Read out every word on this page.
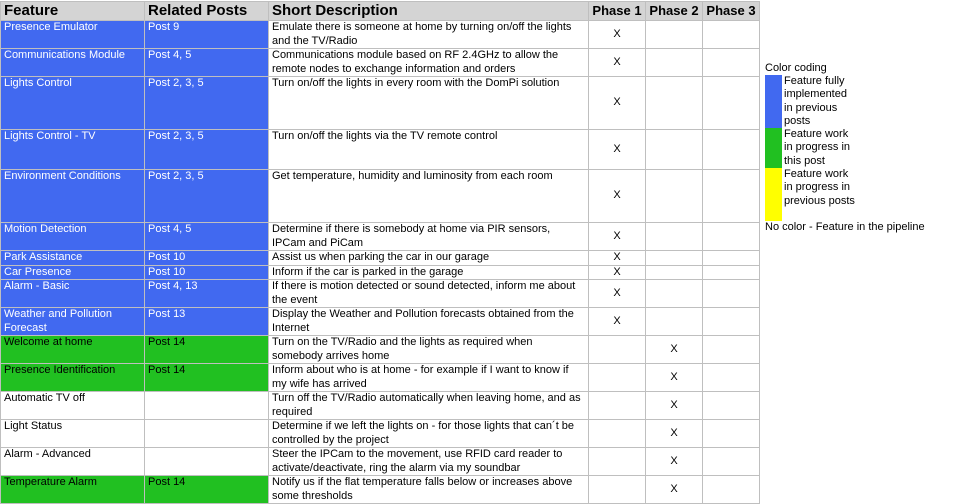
Feature	Related Posts	Short Description	Phase 1	Phase 2	Phase 3
Presence Emulator	Post 9	Emulate there is someone at home by turning on/off the lights and the TV/Radio	X		
Communications Module	Post 4, 5	Communications module based on RF 2.4GHz to allow the remote nodes to exchange information and orders	X		
Lights Control	Post 2, 3, 5	Turn on/off the lights in every room with the DomPi solution	X		
Lights Control - TV	Post 2, 3, 5	Turn on/off the lights via the TV remote control	X		
Environment Conditions	Post 2, 3, 5	Get temperature, humidity and luminosity from each room	X		
Motion Detection	Post 4, 5	Determine if there is somebody at home via PIR sensors, IPCam and PiCam	X		
Park Assistance	Post 10	Assist us when parking the car in our garage	X		
Car Presence	Post 10	Inform if the car is parked in the garage	X		
Alarm - Basic	Post 4, 13	If there is motion detected or sound detected, inform me about the event	X		
Weather and Pollution Forecast	Post 13	Display the Weather and Pollution forecasts obtained from the Internet	X		
Welcome at home	Post 14	Turn on the TV/Radio and the lights as required when somebody arrives home		X	
Presence Identification	Post 14	Inform about who is at home - for example if I want to know if my wife has arrived		X	
Automatic TV off		Turn off the TV/Radio automatically when leaving home, and as required		X	
Light Status		Determine if we left the lights on - for those lights that can´t be controlled by the project		X	
Alarm - Advanced		Steer the IPCam to the movement, use RFID card reader to activate/deactivate, ring the alarm via my soundbar		X	
Temperature Alarm	Post 14	Notify us if the flat temperature falls below or increases above some thresholds		X	
Color coding
Feature fully implemented in previous posts
Feature work in progress in this post
Feature work in progress in previous posts
No color - Feature in the pipeline
